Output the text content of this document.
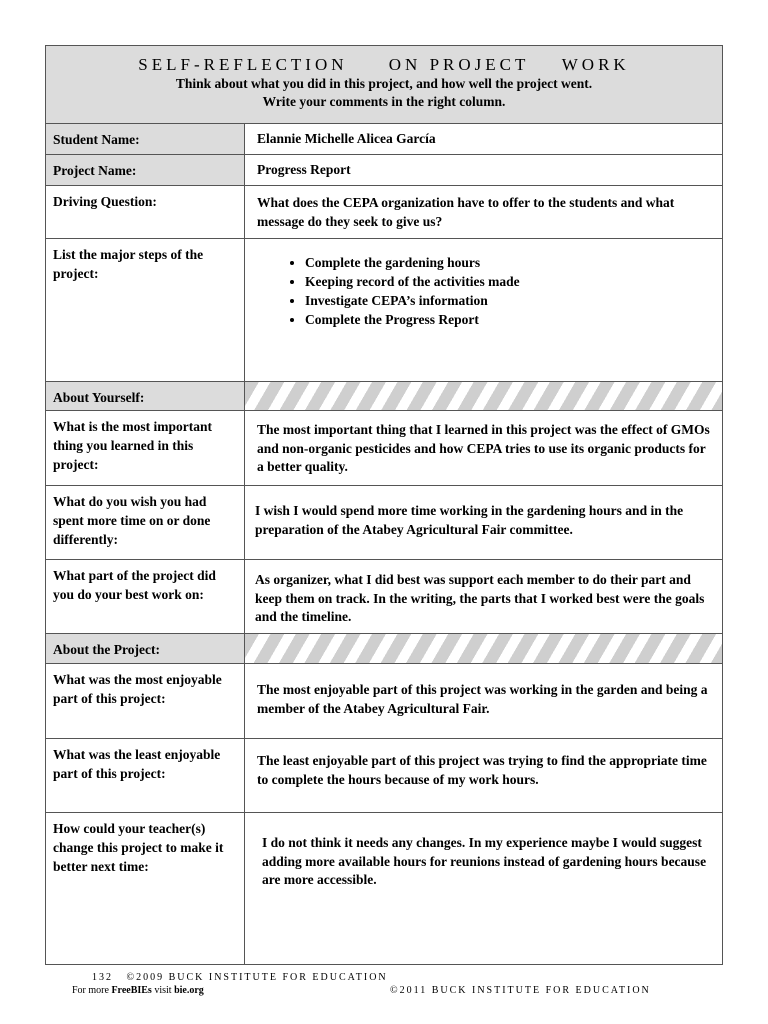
SELF-REFLECTION     ON PROJECT    WORK
Think about what you did in this project, and how well the project went.
Write your comments in the right column.
Student Name:	Elannie Michelle Alicea García
Project Name:	Progress Report
Driving Question:	What does the CEPA organization have to offer to the students and what message do they seek to give us?
List the major steps of the project:
• Complete the gardening hours
• Keeping record of the activities made
• Investigate CEPA’s information
• Complete the Progress Report
About Yourself:
What is the most important thing you learned in this project:
The most important thing that I learned in this project was the effect of GMOs and non-organic pesticides and how CEPA tries to use its organic products for a better quality.
What do you wish you had spent more time on or done differently:
I wish I would spend more time working in the gardening hours and in the preparation of the Atabey Agricultural Fair committee.
What part of the project did you do your best work on:
As organizer, what I did best was support each member to do their part and keep them on track. In the writing, the parts that I worked best were the goals and the timeline.
About the Project:
What was the most enjoyable part of this project:
The most enjoyable part of this project was working in the garden and being a member of the Atabey Agricultural Fair.
What was the least enjoyable part of this project:
The least enjoyable part of this project was trying to find the appropriate time to complete the hours because of my work hours.
How could your teacher(s) change this project to make it better next time:
I do not think it needs any changes. In my experience maybe I would suggest adding more available hours for reunions instead of gardening hours because are more accessible.
132 ©2009 BUCK INSTITUTE FOR EDUCATION
For more FreeBIEs visit bie.org	©2011 BUCK INSTITUTE FOR EDUCATION
